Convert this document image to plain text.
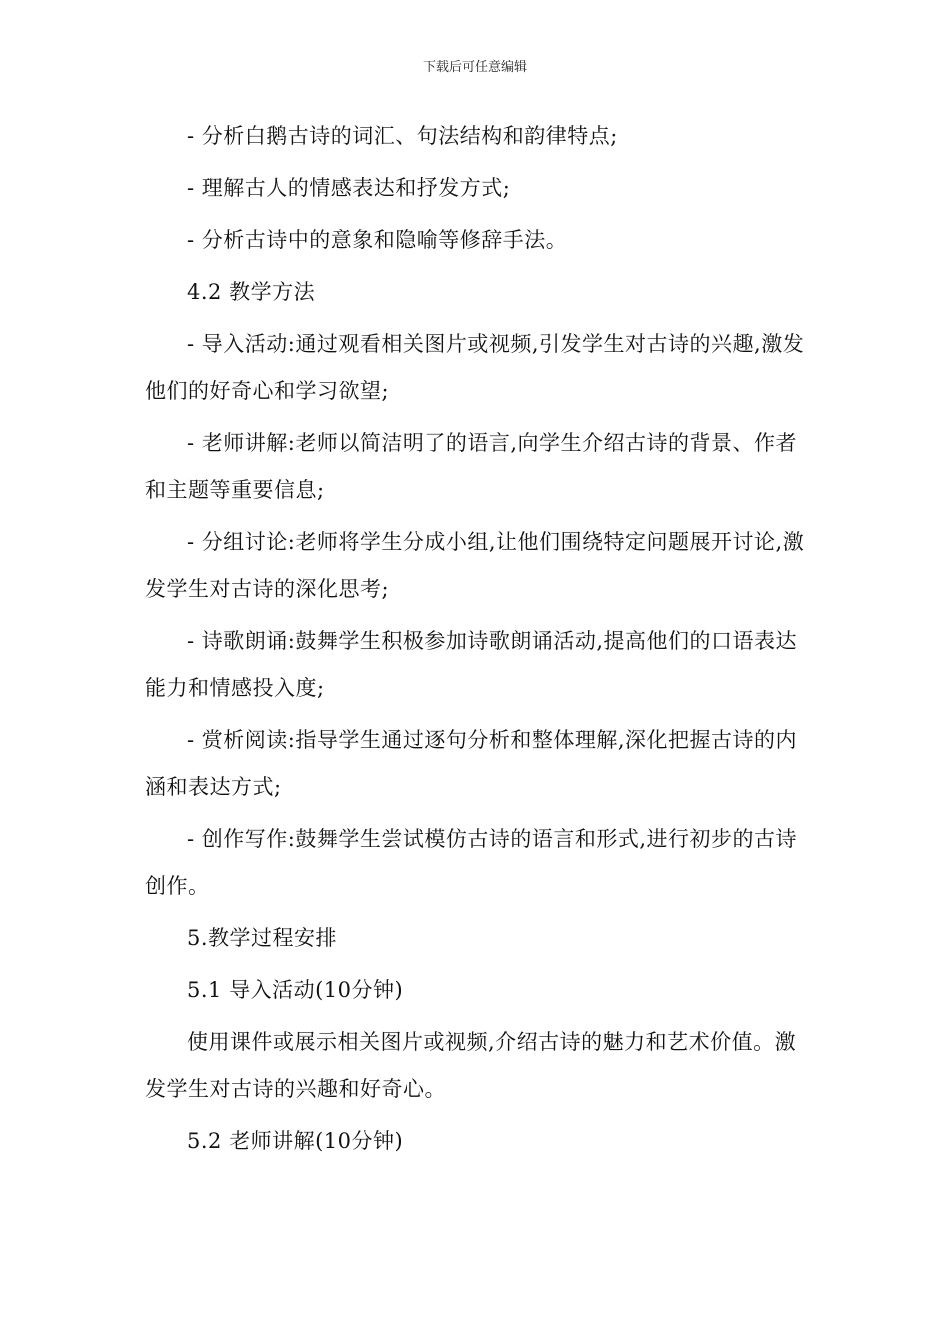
下载后可任意编辑

- 分析白鹅古诗的词汇、句法结构和韵律特点;

- 理解古人的情感表达和抒发方式;

- 分析古诗中的意象和隐喻等修辞手法。

4.2 教学方法

- 导入活动:通过观看相关图片或视频,引发学生对古诗的兴趣,激发他们的好奇心和学习欲望;

- 老师讲解:老师以简洁明了的语言,向学生介绍古诗的背景、作者和主题等重要信息;

- 分组讨论:老师将学生分成小组,让他们围绕特定问题展开讨论,激发学生对古诗的深化思考;

- 诗歌朗诵:鼓舞学生积极参加诗歌朗诵活动,提高他们的口语表达能力和情感投入度;

- 赏析阅读:指导学生通过逐句分析和整体理解,深化把握古诗的内涵和表达方式;

- 创作写作:鼓舞学生尝试模仿古诗的语言和形式,进行初步的古诗创作。

5.教学过程安排

5.1 导入活动(10分钟)

使用课件或展示相关图片或视频,介绍古诗的魅力和艺术价值。激发学生对古诗的兴趣和好奇心。

5.2 老师讲解(10分钟)
